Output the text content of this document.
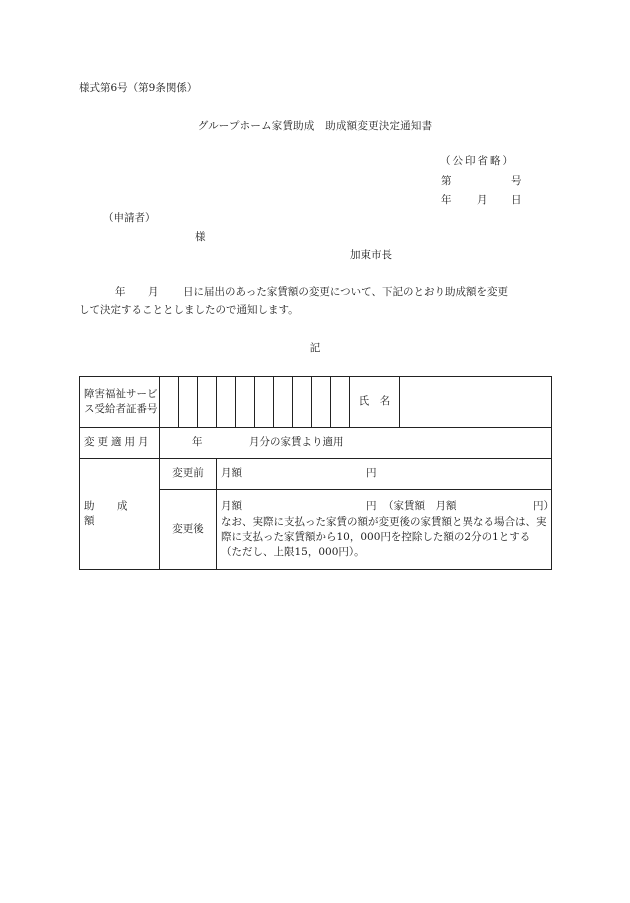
様式第6号（第9条関係）
グループホーム家賃助成　助成額変更決定通知書
（公印省略）
第	号
年 月 日
（申請者）
様
加東市長
年 月 日に届出のあった家賃額の変更について、下記のとおり助成額を変更
して決定することとしましたので通知します。
記
障害福祉サービス受給者証番号											氏　名	
変更適用月	年 月分の家賃より適用											

助　成　額	変更前			月額 円								

	変更後			月額 円 （家賃額　月額 円）
なお、実際に支払った家賃の額が変更後の家賃額と異なる場合は、実際に支払った家賃額から10，000円を控除した額の2分の1とする（ただし、上限15，000円）。								
